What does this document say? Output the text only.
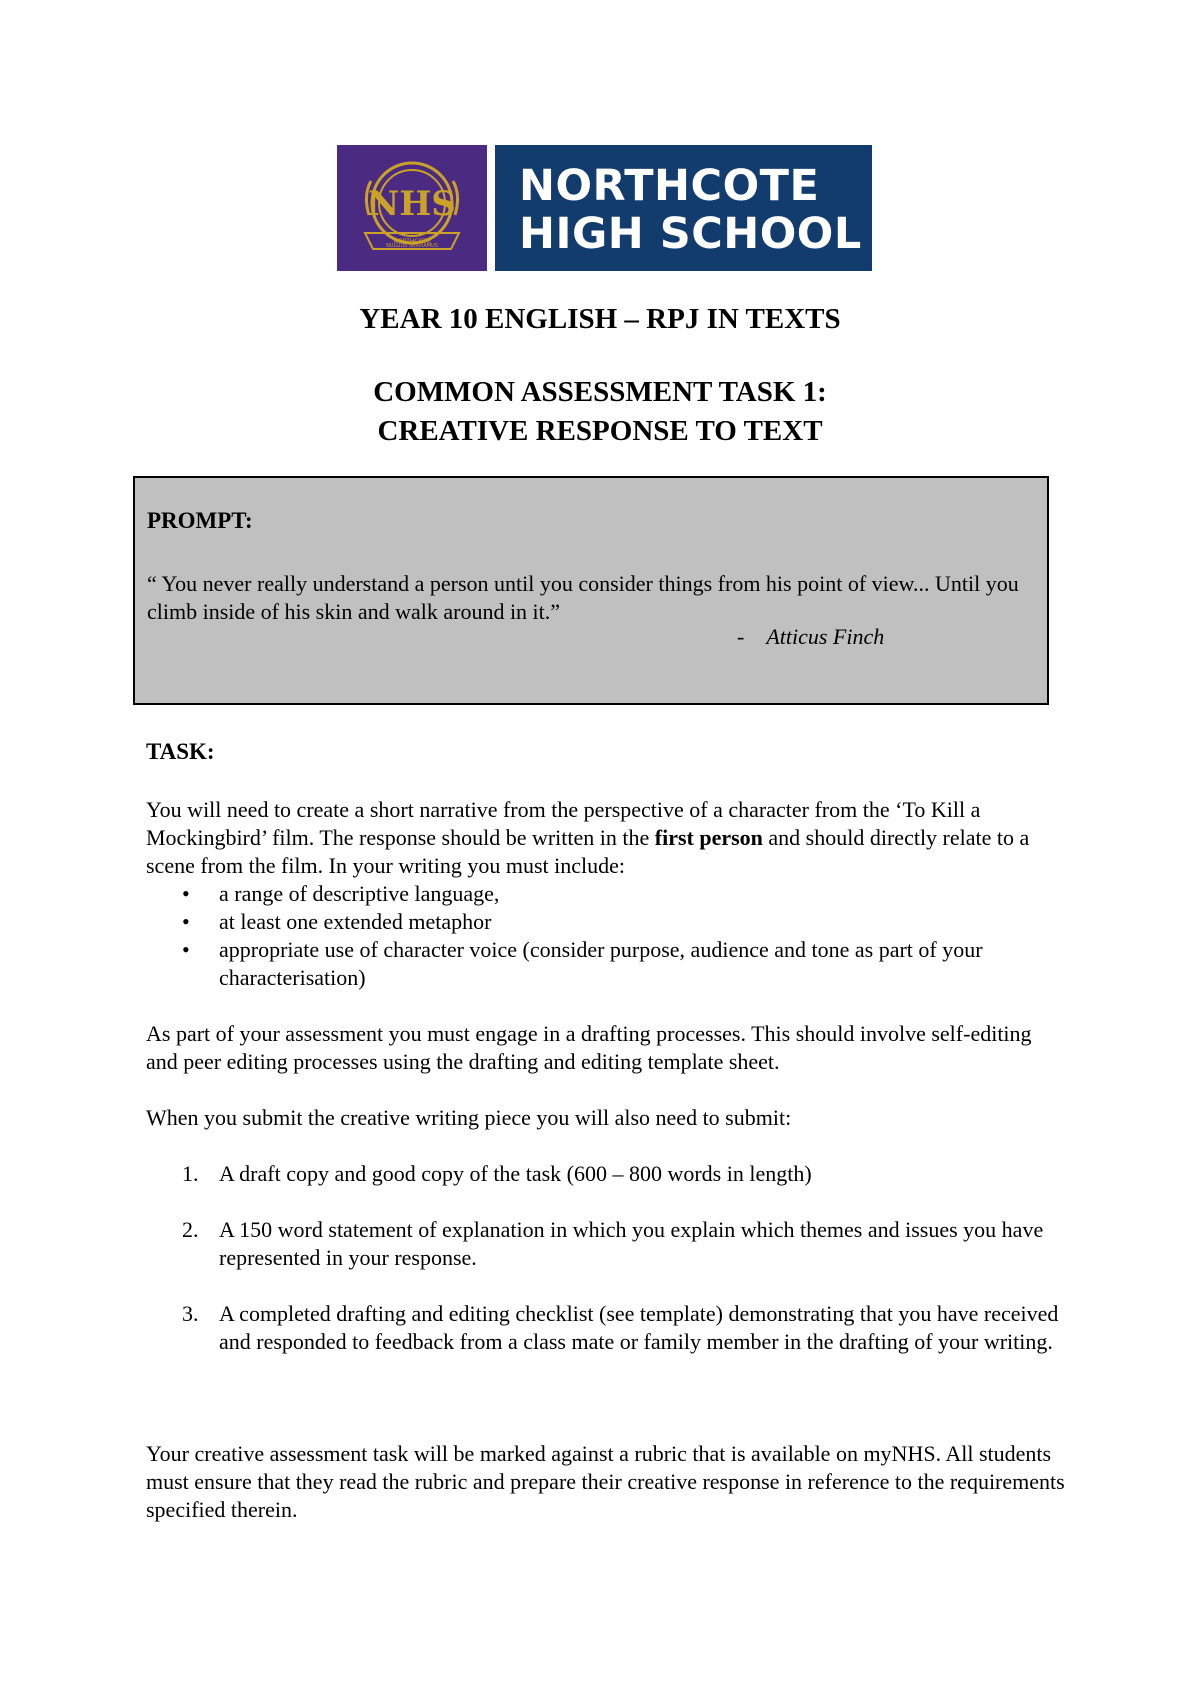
NHS
NORTHCOTE
NULLIUS SERVIAMUS
NORTHCOTE
HIGH SCHOOL
YEAR 10 ENGLISH – RPJ IN TEXTS
COMMON ASSESSMENT TASK 1:
CREATIVE RESPONSE TO TEXT
PROMPT:
“ You never really understand a person until you consider things from his point of view... Until you climb inside of his skin and walk around in it.”
- Atticus Finch
TASK:
You will need to create a short narrative from the perspective of a character from the ‘To Kill a Mockingbird’ film. The response should be written in the first person and should directly relate to a scene from the film. In your writing you must include:
• a range of descriptive language,
• at least one extended metaphor
• appropriate use of character voice (consider purpose, audience and tone as part of your characterisation)
As part of your assessment you must engage in a drafting processes. This should involve self-editing and peer editing processes using the drafting and editing template sheet.
When you submit the creative writing piece you will also need to submit:
1. A draft copy and good copy of the task (600 – 800 words in length)
2. A 150 word statement of explanation in which you explain which themes and issues you have represented in your response.
3. A completed drafting and editing checklist (see template) demonstrating that you have received and responded to feedback from a class mate or family member in the drafting of your writing.
Your creative assessment task will be marked against a rubric that is available on myNHS. All students must ensure that they read the rubric and prepare their creative response in reference to the requirements specified therein.
